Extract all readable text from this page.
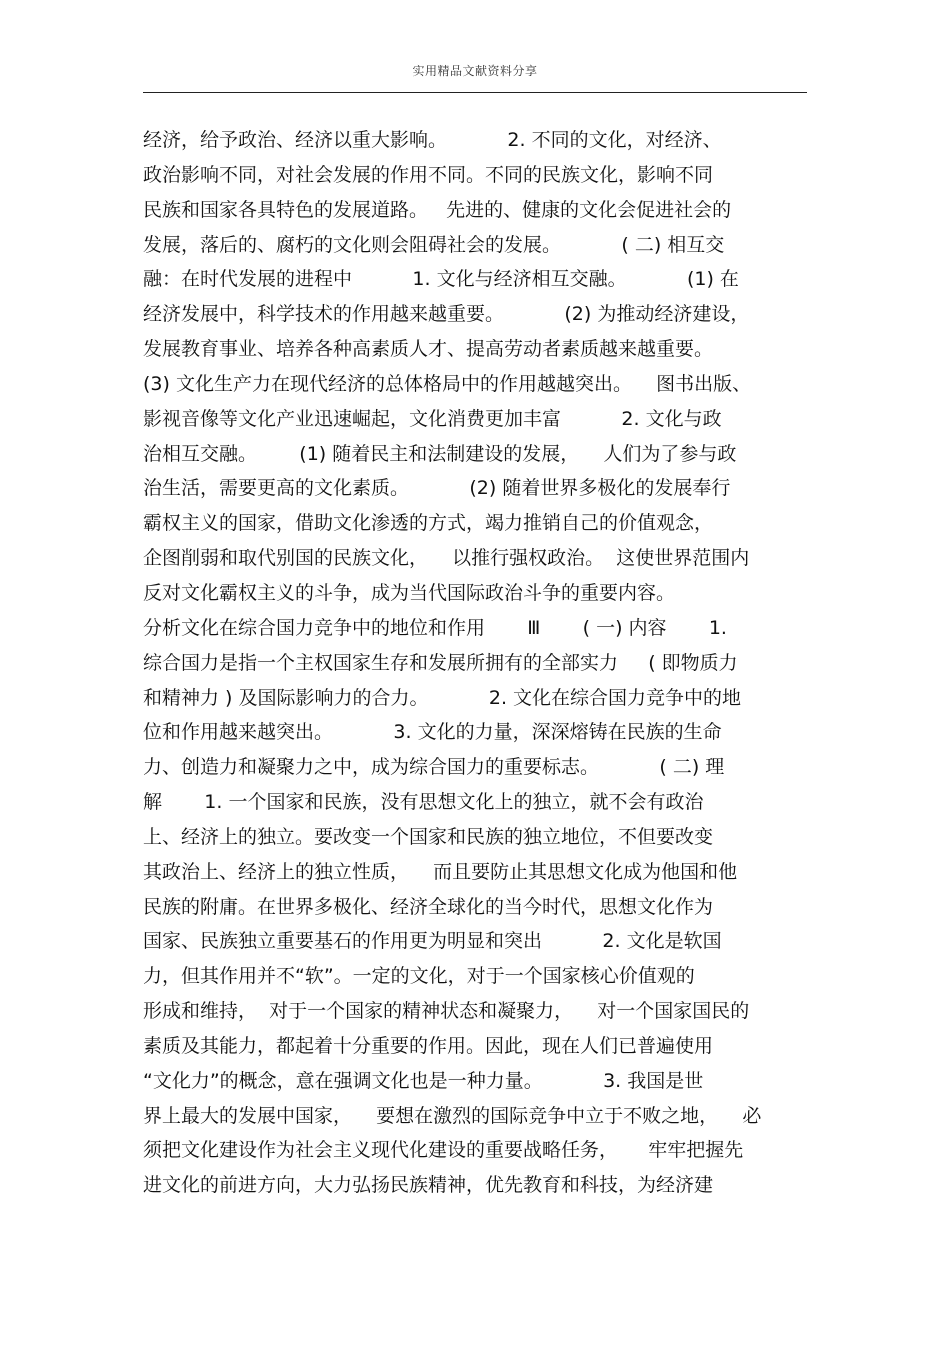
实用精品文献资料分享
经济，给予政治、经济以重大影响。          2. 不同的文化，对经济、
政治影响不同，对社会发展的作用不同。不同的民族文化，影响不同
民族和国家各具特色的发展道路。   先进的、健康的文化会促进社会的
发展，落后的、腐朽的文化则会阻碍社会的发展。          ( 二) 相互交
融：在时代发展的进程中          1. 文化与经济相互交融。          (1) 在
经济发展中，科学技术的作用越来越重要。          (2) 为推动经济建设，
发展教育事业、培养各种高素质人才、提高劳动者素质越来越重要。
(3) 文化生产力在现代经济的总体格局中的作用越越突出。    图书出版、
影视音像等文化产业迅速崛起，文化消费更加丰富          2. 文化与政
治相互交融。       (1) 随着民主和法制建设的发展，    人们为了参与政
治生活，需要更高的文化素质。          (2) 随着世界多极化的发展奉行
霸权主义的国家，借助文化渗透的方式，竭力推销自己的价值观念，
企图削弱和取代别国的民族文化，    以推行强权政治。  这使世界范围内
反对文化霸权主义的斗争，成为当代国际政治斗争的重要内容。
分析文化在综合国力竞争中的地位和作用       Ⅲ       ( 一) 内容       1.
综合国力是指一个主权国家生存和发展所拥有的全部实力     ( 即物质力
和精神力 ) 及国际影响力的合力。          2. 文化在综合国力竞争中的地
位和作用越来越突出。          3. 文化的力量，深深熔铸在民族的生命
力、创造力和凝聚力之中，成为综合国力的重要标志。          ( 二) 理
解       1. 一个国家和民族，没有思想文化上的独立，就不会有政治
上、经济上的独立。要改变一个国家和民族的独立地位，不但要改变
其政治上、经济上的独立性质，    而且要防止其思想文化成为他国和他
民族的附庸。在世界多极化、经济全球化的当今时代，思想文化作为
国家、民族独立重要基石的作用更为明显和突出          2. 文化是软国
力，但其作用并不“软”。一定的文化，对于一个国家核心价值观的
形成和维持，  对于一个国家的精神状态和凝聚力，    对一个国家国民的
素质及其能力，都起着十分重要的作用。因此，现在人们已普遍使用
“文化力”的概念，意在强调文化也是一种力量。          3. 我国是世
界上最大的发展中国家，    要想在激烈的国际竞争中立于不败之地，    必
须把文化建设作为社会主义现代化建设的重要战略任务，     牢牢把握先
进文化的前进方向，大力弘扬民族精神，优先教育和科技，为经济建
